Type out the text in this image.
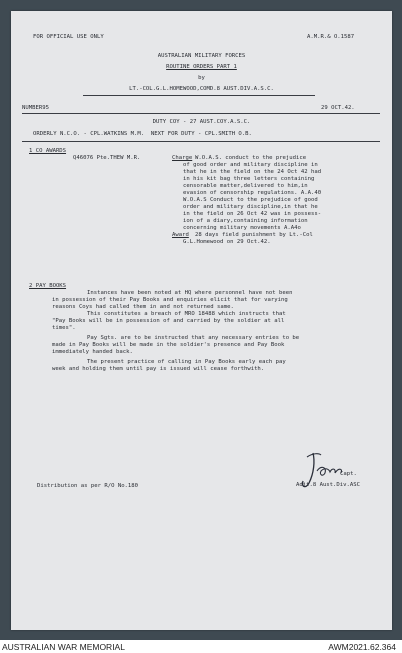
FOR OFFICIAL USE ONLY	A.M.R.& O.1587
AUSTRALIAN MILITARY FORCES
ROUTINE ORDERS PART 1
by
LT.-COL.G.L.HOMEWOOD,COMD.8 AUST.DIV.A.S.C.
NUMBER95	29 OCT.42.
DUTY COY - 27 AUST.COY.A.S.C.
ORDERLY N.C.O. - CPL.WATKINS M.M.  NEXT FOR DUTY - CPL.SMITH O.B.
1 CO AWARDS
Q46076 Pte.THEW M.R.	Charge W.O.A.S. conduct to the prejudice
of good order and military discipline in
that he in the field on the 24 Oct 42 had
in his kit bag three letters containing
censorable matter,delivered to him,in
evasion of censorship regulations. A.A.40
W.O.A.S Conduct to the prejudice of good
order and military discipline,in that he
in the field on 26 Oct 42 was in possess-
ion of a diary,containing information
concerning military movements A.A4o
Award 28 days field punishment by Lt.-Col
G.L.Homewood on 29 Oct.42.
2 PAY BOOKS
Instances have been noted at HQ where personnel have not been
in possession of their Pay Books and enquiries elicit that for varying
reasons Coys had called them in and not returned same.
This constitutes a breach of MRO 18488 which instructs that
"Pay Books will be in possession of and carried by the soldier at all
times".
Pay Sgts. are to be instructed that any necessary entries to be
made in Pay Books will be made in the soldier's presence and Pay Book
immediately handed back.
The present practice of calling in Pay Books early each pay
week and holding them until pay is issued will cease forthwith.
Capt.
Adjt.8 Aust.Div.ASC
Distribution as per R/O No.180
AUSTRALIAN WAR MEMORIAL	AWM2021.62.364
